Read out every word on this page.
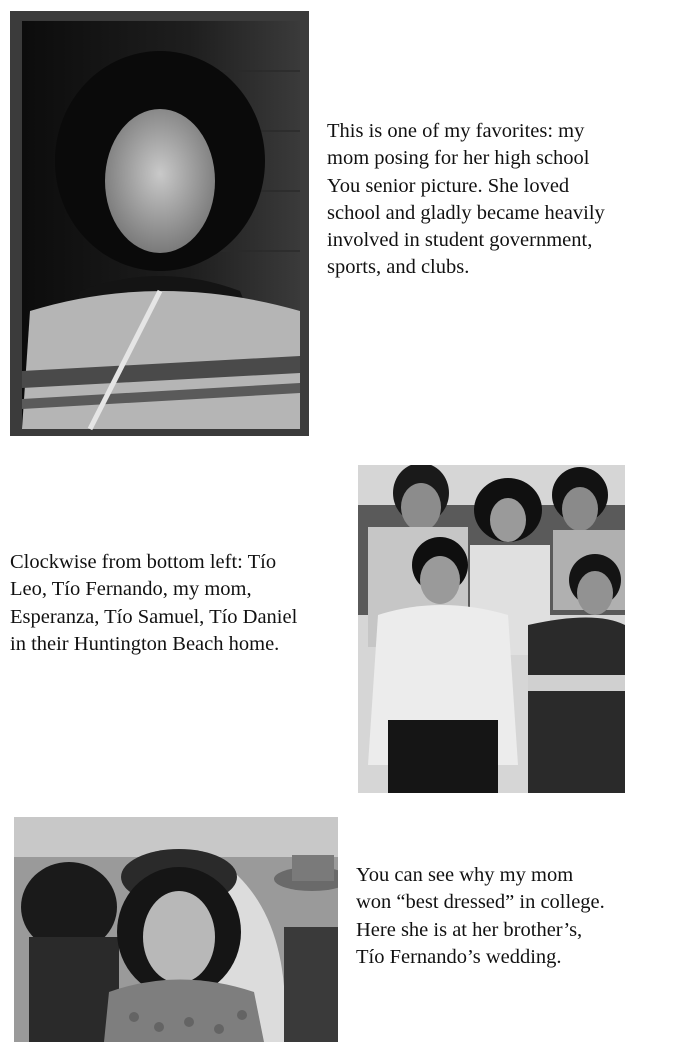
This is one of my favorites: my

mom posing for her high school

You senior picture. She loved

school and gladly became heavily

involved in student government,

sports, and clubs.

Clockwise from bottom left: Tío

Leo, Tío Fernando, my mom,

Esperanza, Tío Samuel, Tío Daniel

in their Huntington Beach home.

You can see why my mom

won “best dressed” in college.

Here she is at her brother’s,

Tío Fernando’s wedding.
